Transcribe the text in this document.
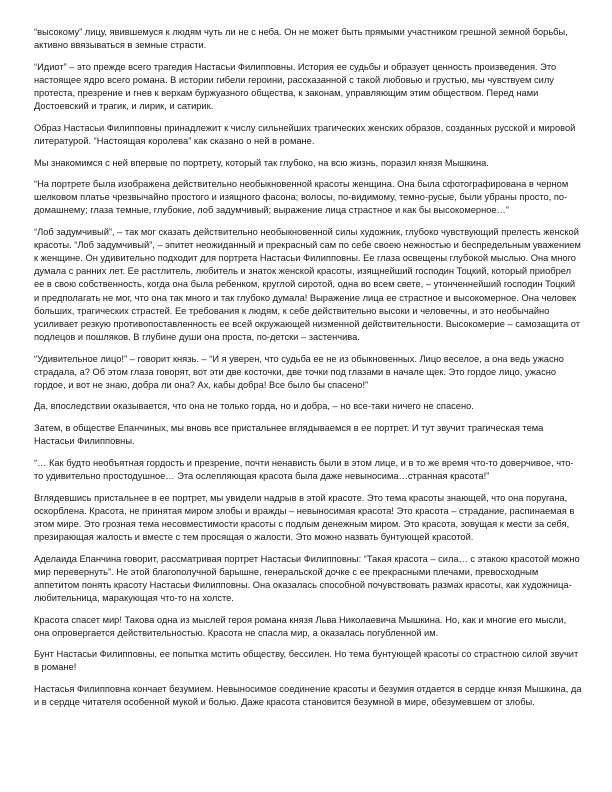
“высокому” лицу, явившемуся к людям чуть ли не с неба. Он не может быть прямыми участником грешной земной борьбы, активно ввязываться в земные страсти.

“Идиот” – это прежде всего трагедия Настасьи Филипповны. История ее судьбы и образует ценность произведения. Это настоящее ядро всего романа. В истории гибели героини, рассказанной с такой любовью и грустью, мы чувствуем силу протеста, презрение и гнев к верхам буржуазного общества, к законам, управляющим этим обществом. Перед нами Достоевский и трагик, и лирик, и сатирик.

Образ Настасьи Филипповны принадлежит к числу сильнейших трагических женских образов, созданных русской и мировой литературой. “Настоящая королева” как сказано о ней в романе.

Мы знакомимся с ней впервые по портрету, который так глубоко, на всю жизнь, поразил князя Мышкина.

“На портрете была изображена действительно необыкновенной красоты женщина. Она была сфотографирована в черном шелковом платье чрезвычайно простого и изящного фасона; волосы, по-видимому, темно-русые, были убраны просто, по-домашнему; глаза темные, глубокие, лоб задумчивый; выражение лица страстное и как бы высокомерное…”

“Лоб задумчивый”, – так мог сказать действительно необыкновенной силы художник, глубоко чувствующий прелесть женской красоты. “Лоб задумчивый”, – эпитет неожиданный и прекрасный сам по себе своею нежностью и беспредельным уважением к женщине. Он удивительно подходит для портрета Настасьи Филипповны. Ее глаза освещены глубокой мыслью. Она много думала с ранних лет. Ее растлитель, любитель и знаток женской красоты, изящнейший господин Тоцкий, который приобрел ее в свою собственность, когда она была ребенком, круглой сиротой, одна во всем свете, – утонченнейший господин Тоцкий и предполагать не мог, что она так много и так глубоко думала! Выражение лица ее страстное и высокомерное. Она человек больших, трагических страстей. Ее требования к людям, к себе действительно высоки и человечны, и это необычайно усиливает резкую противопоставленность ее всей окружающей низменной действительности. Высокомерие – самозащита от подлецов и пошляков. В глубине души она проста, по-детски – застенчива.

“Удивительное лицо!” – говорит князь. – “И я уверен, что судьба ее не из обыкновенных. Лицо веселое, а она ведь ужасно страдала, а? Об этом глаза говорят, вот эти две косточки, две точки под глазами в начале щек. Это гордое лицо, ужасно гордое, и вот не знаю, добра ли она? Ах, кабы добра! Все было бы спасено!”

Да, впоследствии оказывается, что она не только горда, но и добра, – но все-таки ничего не спасено.

Затем, в обществе Епанчиных, мы вновь все пристальнее вглядываемся в ее портрет. И тут звучит трагическая тема Настасьи Филипповны.

“… Как будто необъятная гордость и презрение, почти ненависть были в этом лице, и в то же время что-то доверчивое, что-то удивительно простодушное… Эта ослепляющая красота была даже невыносима…странная красота!”

Вглядевшись пристальнее в ее портрет, мы увидели надрыв в этой красоте. Это тема красоты знающей, что она поругана, оскорблена. Красота, не принятая миром злобы и вражды – невыносимая красота! Это красота – страдание, распинаемая в этом мире. Это грозная тема несовместимости красоты с подлым денежным миром. Это красота, зовущая к мести за себя, презирающая жалость и вместе с тем просящая о жалости. Это можно назвать бунтующей красотой.

Аделаида Епанчина говорит, рассматривая портрет Настасьи Филипповны: “Такая красота – сила… с этакою красотой можно мир перевернуть”. Не этой благополучной барышне, генеральской дочке с ее прекрасными плечами, превосходным аппетитом понять красоту Настасьи Филипповны. Она оказалась способной почувствовать размах красоты, как художница-любительница, маракующая что-то на холсте.

Красота спасет мир! Такова одна из мыслей героя романа князя Льва Николаевича Мышкина. Но, как и многие его мысли, она опровергается действительностью. Красота не спасла мир, а оказалась погубленной им.

Бунт Настасьи Филипповны, ее попытка мстить обществу, бессилен. Но тема бунтующей красоты со страстною силой звучит в романе!

Настасья Филипповна кончает безумием. Невыносимое соединение красоты и безумия отдается в сердце князя Мышкина, да и в сердце читателя особенной мукой и болью. Даже красота становится безумной в мире, обезумевшем от злобы.
